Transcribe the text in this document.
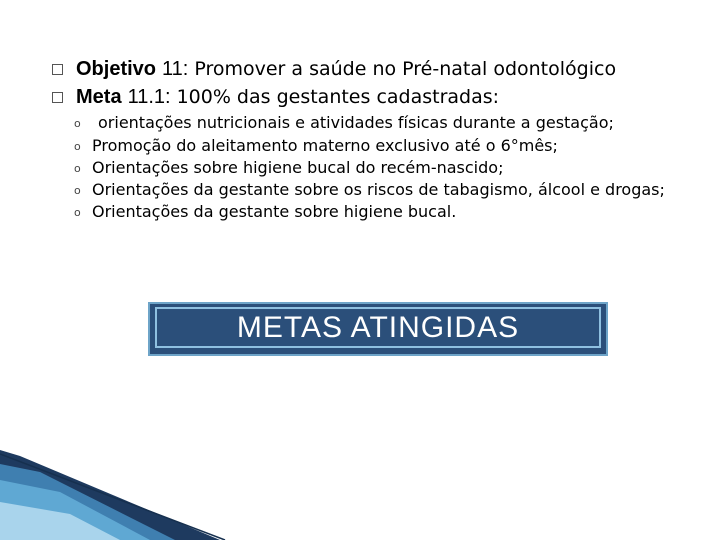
Objetivo 11: Promover a saúde no Pré-natal odontológico
Meta 11.1: 100% das gestantes cadastradas:
o	orientações nutricionais e atividades físicas durante a gestação;
o Promoção do aleitamento materno exclusivo até o 6°mês;
o Orientações sobre higiene bucal do recém-nascido;
o Orientações da gestante sobre os riscos de tabagismo, álcool e drogas;
o Orientações da gestante sobre higiene bucal.
METAS ATINGIDAS
